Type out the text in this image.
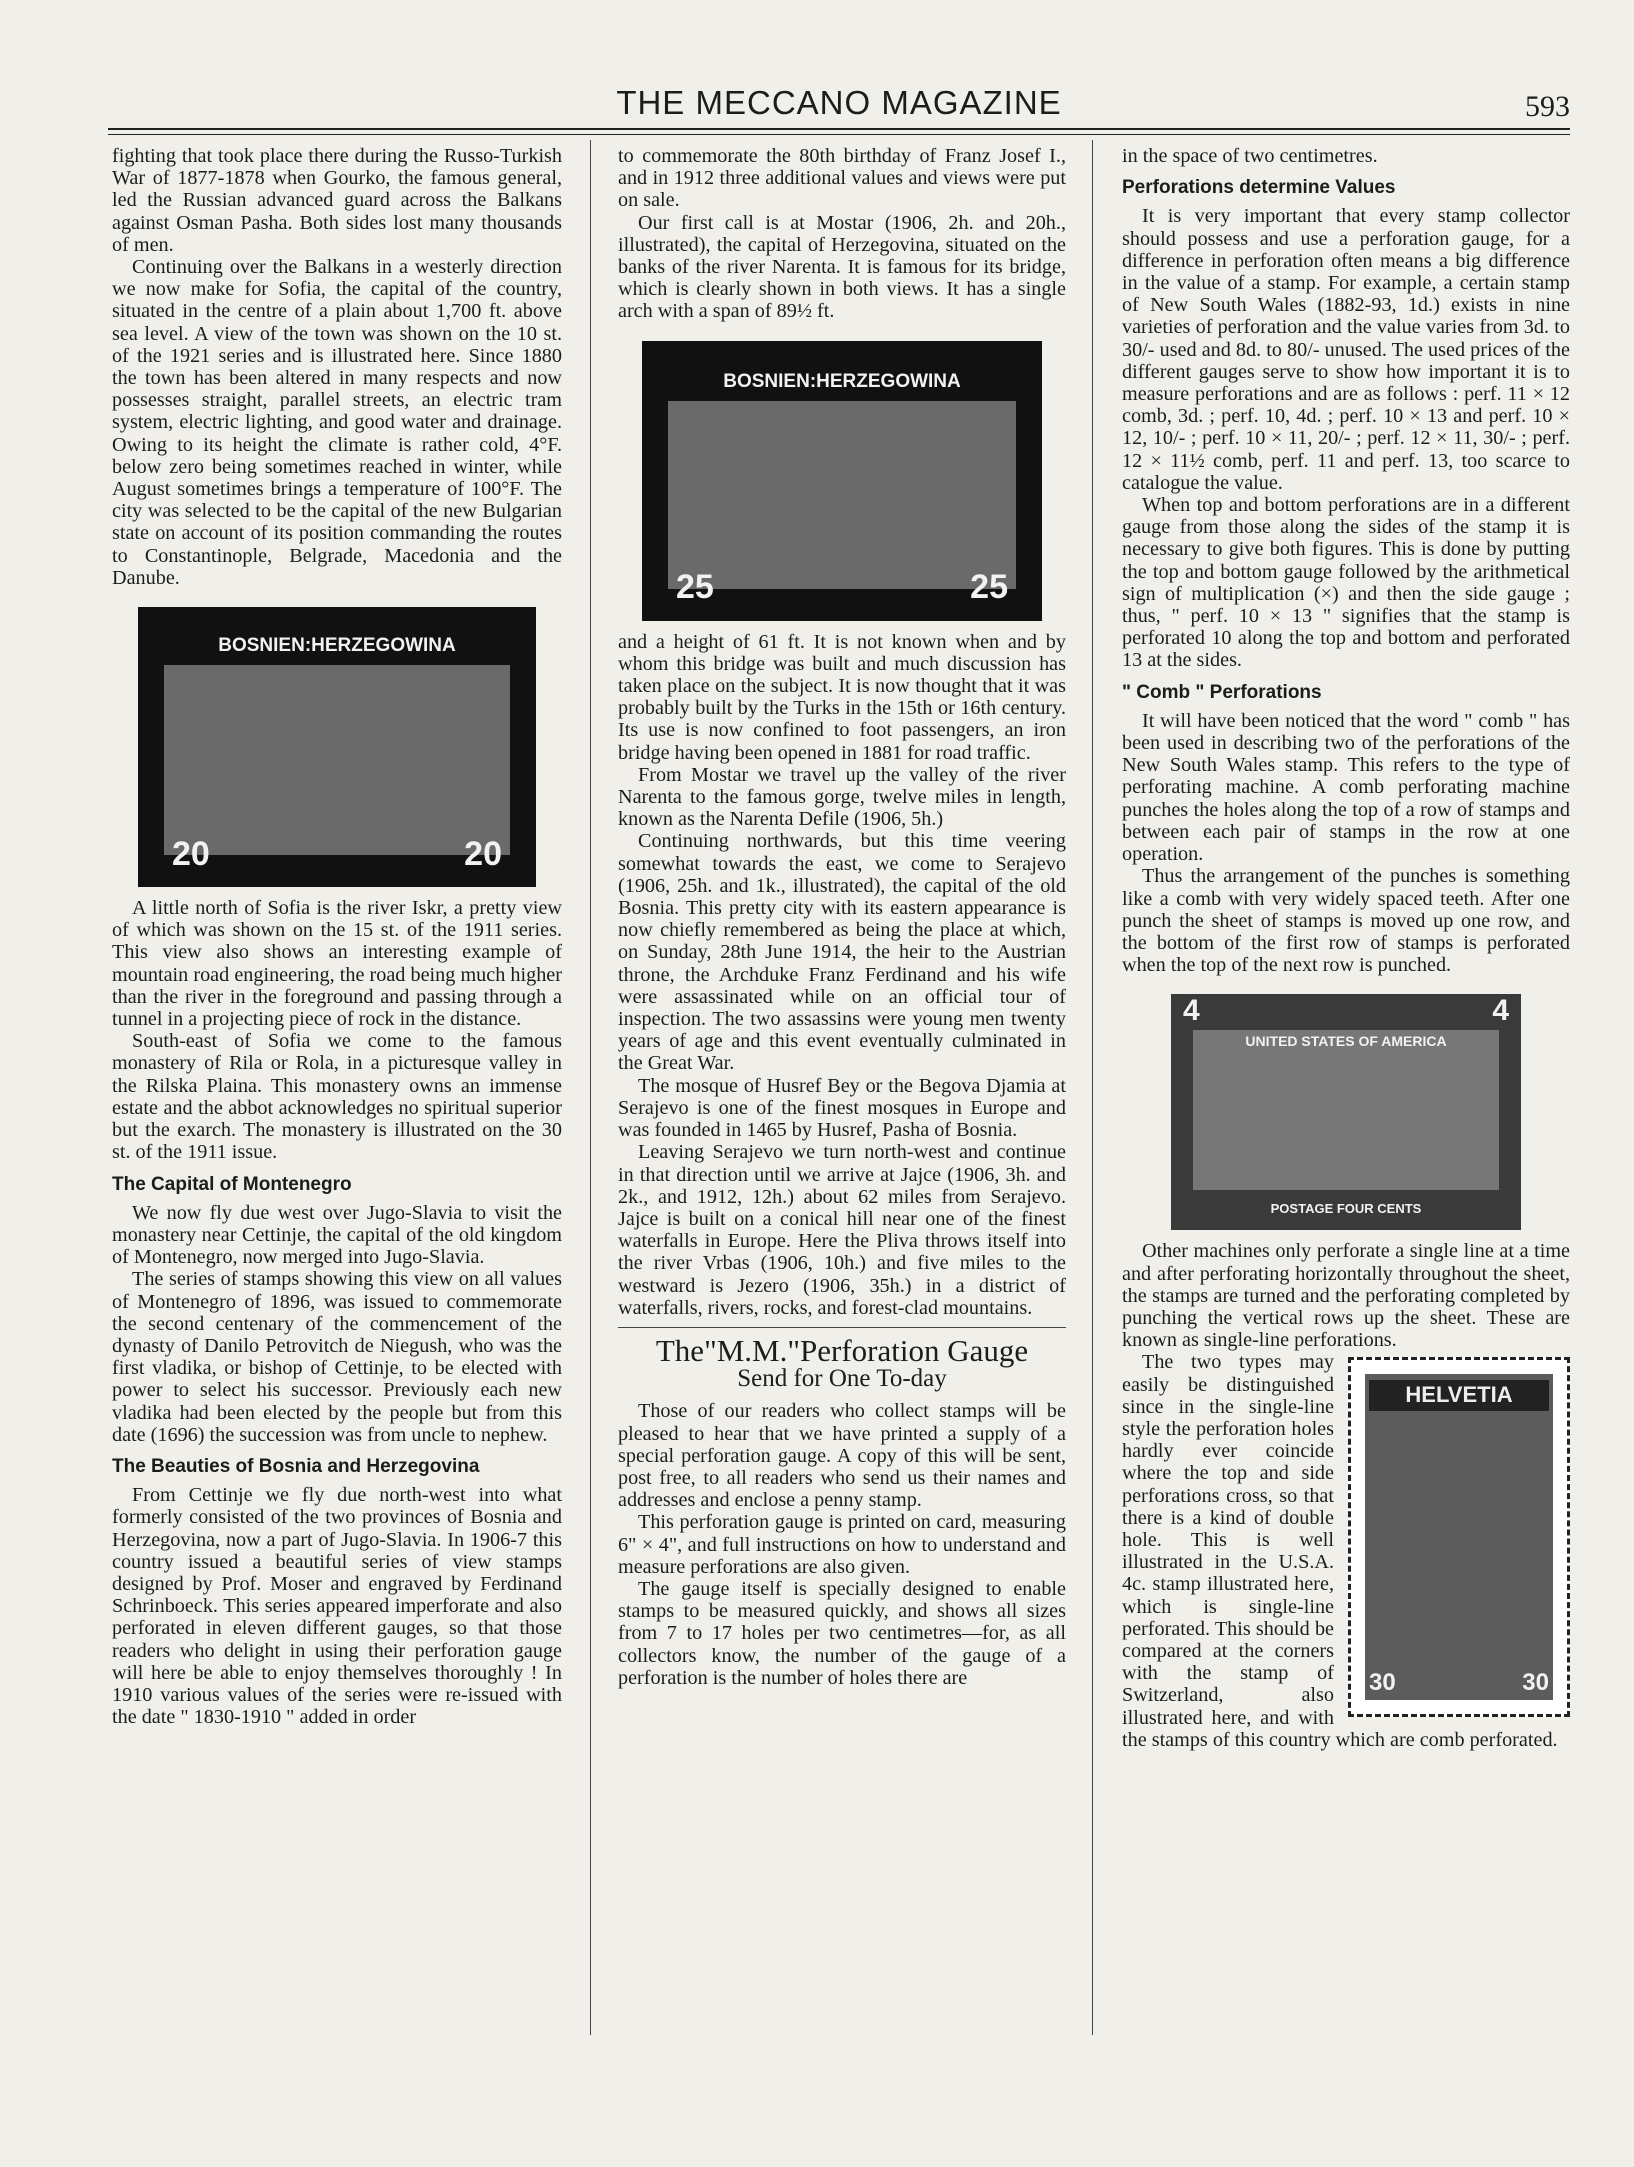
THE MECCANO MAGAZINE	593

fighting that took place there during the Russo-Turkish War of 1877-1878 when Gourko, the famous general, led the Russian advanced guard across the Balkans against Osman Pasha. Both sides lost many thousands of men.

Continuing over the Balkans in a westerly direction we now make for Sofia, the capital of the country, situated in the centre of a plain about 1,700 ft. above sea level. A view of the town was shown on the 10 st. of the 1921 series and is illustrated here. Since 1880 the town has been altered in many respects and now possesses straight, parallel streets, an electric tram system, electric lighting, and good water and drainage. Owing to its height the climate is rather cold, 4°F. below zero being sometimes reached in winter, while August sometimes brings a temperature of 100°F. The city was selected to be the capital of the new Bulgarian state on account of its position commanding the routes to Constantinople, Belgrade, Macedonia and the Danube.

BOSNIEN:HERZEGOWINA
20	20

A little north of Sofia is the river Iskr, a pretty view of which was shown on the 15 st. of the 1911 series. This view also shows an interesting example of mountain road engineering, the road being much higher than the river in the foreground and passing through a tunnel in a projecting piece of rock in the distance.

South-east of Sofia we come to the famous monastery of Rila or Rola, in a picturesque valley in the Rilska Plaina. This monastery owns an immense estate and the abbot acknowledges no spiritual superior but the exarch. The monastery is illustrated on the 30 st. of the 1911 issue.

The Capital of Montenegro

We now fly due west over Jugo-Slavia to visit the monastery near Cettinje, the capital of the old kingdom of Montenegro, now merged into Jugo-Slavia.

The series of stamps showing this view on all values of Montenegro of 1896, was issued to commemorate the second centenary of the commencement of the dynasty of Danilo Petrovitch de Niegush, who was the first vladika, or bishop of Cettinje, to be elected with power to select his successor. Previously each new vladika had been elected by the people but from this date (1696) the succession was from uncle to nephew.

The Beauties of Bosnia and Herzegovina

From Cettinje we fly due north-west into what formerly consisted of the two provinces of Bosnia and Herzegovina, now a part of Jugo-Slavia. In 1906-7 this country issued a beautiful series of view stamps designed by Prof. Moser and engraved by Ferdinand Schrinboeck. This series appeared imperforate and also perforated in eleven different gauges, so that those readers who delight in using their perforation gauge will here be able to enjoy themselves thoroughly ! In 1910 various values of the series were re-issued with the date " 1830-1910 " added in order

to commemorate the 80th birthday of Franz Josef I., and in 1912 three additional values and views were put on sale.

Our first call is at Mostar (1906, 2h. and 20h., illustrated), the capital of Herzegovina, situated on the banks of the river Narenta. It is famous for its bridge, which is clearly shown in both views. It has a single arch with a span of 89½ ft.

BOSNIEN:HERZEGOWINA
25	25

and a height of 61 ft. It is not known when and by whom this bridge was built and much discussion has taken place on the subject. It is now thought that it was probably built by the Turks in the 15th or 16th century. Its use is now confined to foot passengers, an iron bridge having been opened in 1881 for road traffic.

From Mostar we travel up the valley of the river Narenta to the famous gorge, twelve miles in length, known as the Narenta Defile (1906, 5h.)

Continuing northwards, but this time veering somewhat towards the east, we come to Serajevo (1906, 25h. and 1k., illustrated), the capital of the old Bosnia. This pretty city with its eastern appearance is now chiefly remembered as being the place at which, on Sunday, 28th June 1914, the heir to the Austrian throne, the Archduke Franz Ferdinand and his wife were assassinated while on an official tour of inspection. The two assassins were young men twenty years of age and this event eventually culminated in the Great War.

The mosque of Husref Bey or the Begova Djamia at Serajevo is one of the finest mosques in Europe and was founded in 1465 by Husref, Pasha of Bosnia.

Leaving Serajevo we turn north-west and continue in that direction until we arrive at Jajce (1906, 3h. and 2k., and 1912, 12h.) about 62 miles from Serajevo. Jajce is built on a conical hill near one of the finest waterfalls in Europe. Here the Pliva throws itself into the river Vrbas (1906, 10h.) and five miles to the westward is Jezero (1906, 35h.) in a district of waterfalls, rivers, rocks, and forest-clad mountains.

The"M.M."Perforation Gauge
Send for One To-day

Those of our readers who collect stamps will be pleased to hear that we have printed a supply of a special perforation gauge. A copy of this will be sent, post free, to all readers who send us their names and addresses and enclose a penny stamp.

This perforation gauge is printed on card, measuring 6" × 4", and full instructions on how to understand and measure perforations are also given.

The gauge itself is specially designed to enable stamps to be measured quickly, and shows all sizes from 7 to 17 holes per two centimetres—for, as all collectors know, the number of the gauge of a perforation is the number of holes there are

in the space of two centimetres.

Perforations determine Values

It is very important that every stamp collector should possess and use a perforation gauge, for a difference in perforation often means a big difference in the value of a stamp. For example, a certain stamp of New South Wales (1882-93, 1d.) exists in nine varieties of perforation and the value varies from 3d. to 30/- used and 8d. to 80/- unused. The used prices of the different gauges serve to show how important it is to measure perforations and are as follows : perf. 11 × 12 comb, 3d. ; perf. 10, 4d. ; perf. 10 × 13 and perf. 10 × 12, 10/- ; perf. 10 × 11, 20/- ; perf. 12 × 11, 30/- ; perf. 12 × 11½ comb, perf. 11 and perf. 13, too scarce to catalogue the value.

When top and bottom perforations are in a different gauge from those along the sides of the stamp it is necessary to give both figures. This is done by putting the top and bottom gauge followed by the arithmetical sign of multiplication (×) and then the side gauge ; thus, " perf. 10 × 13 " signifies that the stamp is perforated 10 along the top and bottom and perforated 13 at the sides.

" Comb " Perforations

It will have been noticed that the word " comb " has been used in describing two of the perforations of the New South Wales stamp. This refers to the type of perforating machine. A comb perforating machine punches the holes along the top of a row of stamps and between each pair of stamps in the row at one operation.

Thus the arrangement of the punches is something like a comb with very widely spaced teeth. After one punch the sheet of stamps is moved up one row, and the bottom of the first row of stamps is perforated when the top of the next row is punched.

UNITED STATES OF AMERICA
4	4
POSTAGE FOUR CENTS

Other machines only perforate a single line at a time and after perforating horizontally throughout the sheet, the stamps are turned and the perforating completed by punching the vertical rows up the sheet. These are known as single-line perforations.

HELVETIA
30	30

The two types may easily be distinguished since in the single-line style the perforation holes hardly ever coincide where the top and side perforations cross, so that there is a kind of double hole. This is well illustrated in the U.S.A. 4c. stamp illustrated here, which is single-line perforated. This should be compared at the corners with the stamp of Switzerland, also illustrated here, and with the stamps of this country which are comb perforated.
